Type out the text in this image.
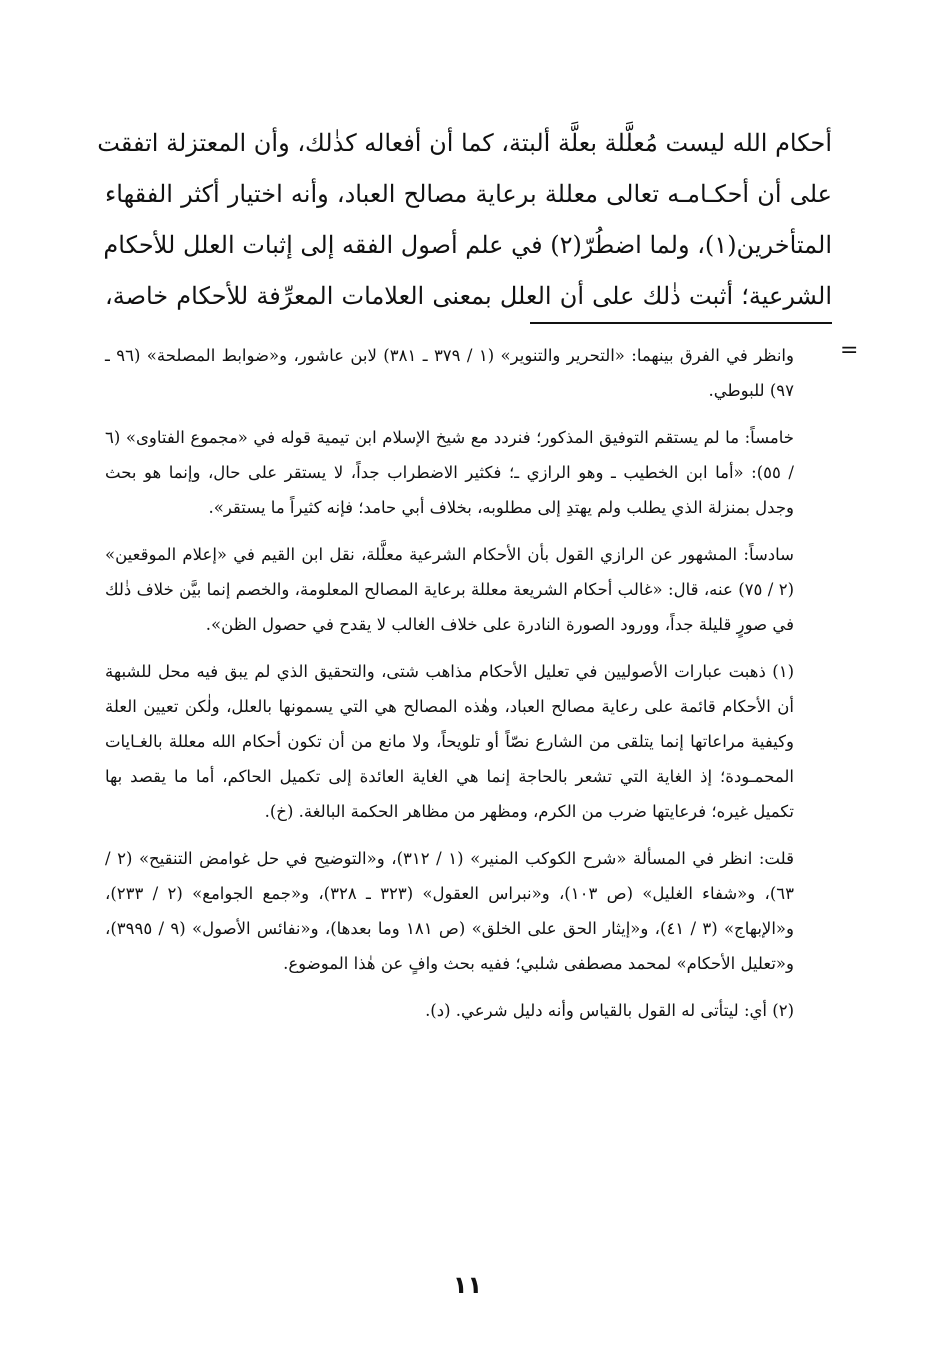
أحكام الله ليست مُعلَّلة بعلَّة ألبتة، كما أن أفعاله كذٰلك، وأن المعتزلة اتفقت
على أن أحكـامـه تعالى معللة برعاية مصالح العباد، وأنه اختيار أكثر الفقهاء
المتأخرين(١)، ولما اضطُرّ(٢) في علم أصول الفقه إلى إثبات العلل للأحكام
الشرعية؛ أثبت ذٰلك على أن العلل بمعنى العلامات المعرِّفة للأحكام خاصة،
=

وانظر في الفرق بينهما: «التحرير والتنوير» (١ / ٣٧٩ ـ ٣٨١) لابن عاشور، و«ضوابط المصلحة» (٩٦ ـ ٩٧) للبوطي.

خامساً: ما لم يستقم التوفيق المذكور؛ فنردد مع شيخ الإسلام ابن تيمية قوله في «مجموع الفتاوى» (٦ / ٥٥): «أما ابن الخطيب ـ وهو الرازي ـ؛ فكثير الاضطراب جداً، لا يستقر على حال، وإنما هو بحث وجدل بمنزلة الذي يطلب ولم يهتدِ إلى مطلوبه، بخلاف أبي حامد؛ فإنه كثيراً ما يستقر».

سادساً: المشهور عن الرازي القول بأن الأحكام الشرعية معلَّلة، نقل ابن القيم في «إعلام الموقعين» (٢ / ٧٥) عنه، قال: «غالب أحكام الشريعة معللة برعاية المصالح المعلومة، والخصم إنما بيَّن خلاف ذٰلك في صورٍ قليلة جداً، وورود الصورة النادرة على خلاف الغالب لا يقدح في حصول الظن».

(١) ذهبت عبارات الأصوليين في تعليل الأحكام مذاهب شتى، والتحقيق الذي لم يبق فيه محل للشبهة أن الأحكام قائمة على رعاية مصالح العباد، وهٰذه المصالح هي التي يسمونها بالعلل، ولٰكن تعيين العلة وكيفية مراعاتها إنما يتلقى من الشارع نصّاً أو تلويحاً، ولا مانع من أن تكون أحكام الله معللة بالغـايات المحمـودة؛ إذ الغاية التي تشعر بالحاجة إنما هي الغاية العائدة إلى تكميل الحاكم، أما ما يقصد بها تكميل غيره؛ فرعايتها ضرب من الكرم، ومظهر من مظاهر الحكمة البالغة. (خ).

قلت: انظر في المسألة «شرح الكوكب المنير» (١ / ٣١٢)، و«التوضيح في حل غوامض التنقيح» (٢ / ٦٣)، و«شفاء الغليل» (ص ١٠٣)، و«نبراس العقول» (٣٢٣ ـ ٣٢٨)، و«جمع الجوامع» (٢ / ٢٣٣)، و«الإبهاج» (٣ / ٤١)، و«إيثار الحق على الخلق» (ص ١٨١ وما بعدها)، و«نفائس الأصول» (٩ / ٣٩٩٥)، و«تعليل الأحكام» لمحمد مصطفى شلبي؛ ففيه بحث وافٍ عن هٰذا الموضوع.

(٢) أي: ليتأتى له القول بالقياس وأنه دليل شرعي. (د).

١١
